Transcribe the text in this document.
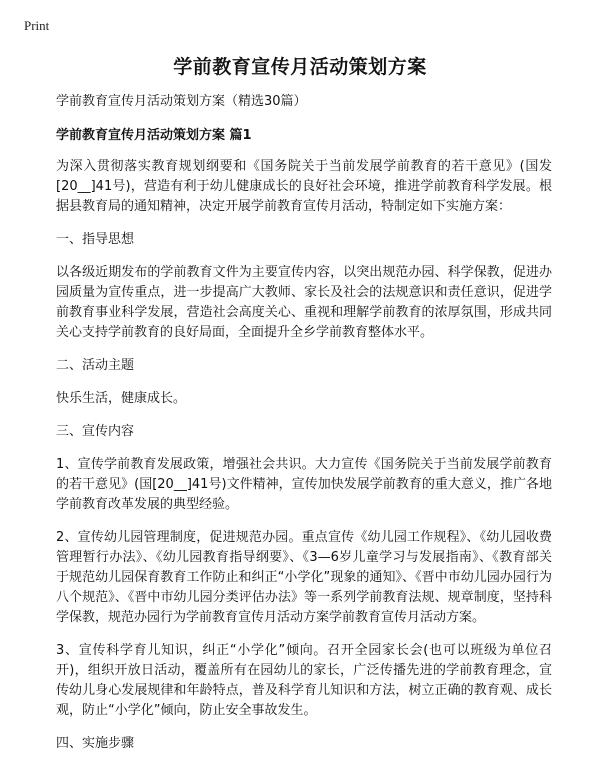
Print
学前教育宣传月活动策划方案

学前教育宣传月活动策划方案（精选30篇）

学前教育宣传月活动策划方案 篇1

为深入贯彻落实教育规划纲要和《国务院关于当前发展学前教育的若干意见》(国发[20__]41号)，营造有利于幼儿健康成长的良好社会环境，推进学前教育科学发展。根据县教育局的通知精神，决定开展学前教育宣传月活动，特制定如下实施方案：

一、指导思想

以各级近期发布的学前教育文件为主要宣传内容，以突出规范办园、科学保教，促进办园质量为宣传重点，进一步提高广大教师、家长及社会的法规意识和责任意识，促进学前教育事业科学发展，营造社会高度关心、重视和理解学前教育的浓厚氛围，形成共同关心支持学前教育的良好局面，全面提升全乡学前教育整体水平。

二、活动主题

快乐生活，健康成长。

三、宣传内容

1、宣传学前教育发展政策，增强社会共识。大力宣传《国务院关于当前发展学前教育的若干意见》(国[20__]41号)文件精神，宣传加快发展学前教育的重大意义，推广各地学前教育改革发展的典型经验。

2、宣传幼儿园管理制度，促进规范办园。重点宣传《幼儿园工作规程》、《幼儿园收费管理暂行办法》、《幼儿园教育指导纲要》、《3—6岁儿童学习与发展指南》、《教育部关于规范幼儿园保育教育工作防止和纠正“小学化”现象的通知》、《晋中市幼儿园办园行为八个规范》、《晋中市幼儿园分类评估办法》等一系列学前教育法规、规章制度，坚持科学保教，规范办园行为学前教育宣传月活动方案学前教育宣传月活动方案。

3、宣传科学育儿知识，纠正“小学化”倾向。召开全园家长会(也可以班级为单位召开)，组织开放日活动，覆盖所有在园幼儿的家长，广泛传播先进的学前教育理念，宣传幼儿身心发展规律和年龄特点，普及科学育儿知识和方法，树立正确的教育观、成长观，防止“小学化”倾向，防止安全事故发生。

四、实施步骤
